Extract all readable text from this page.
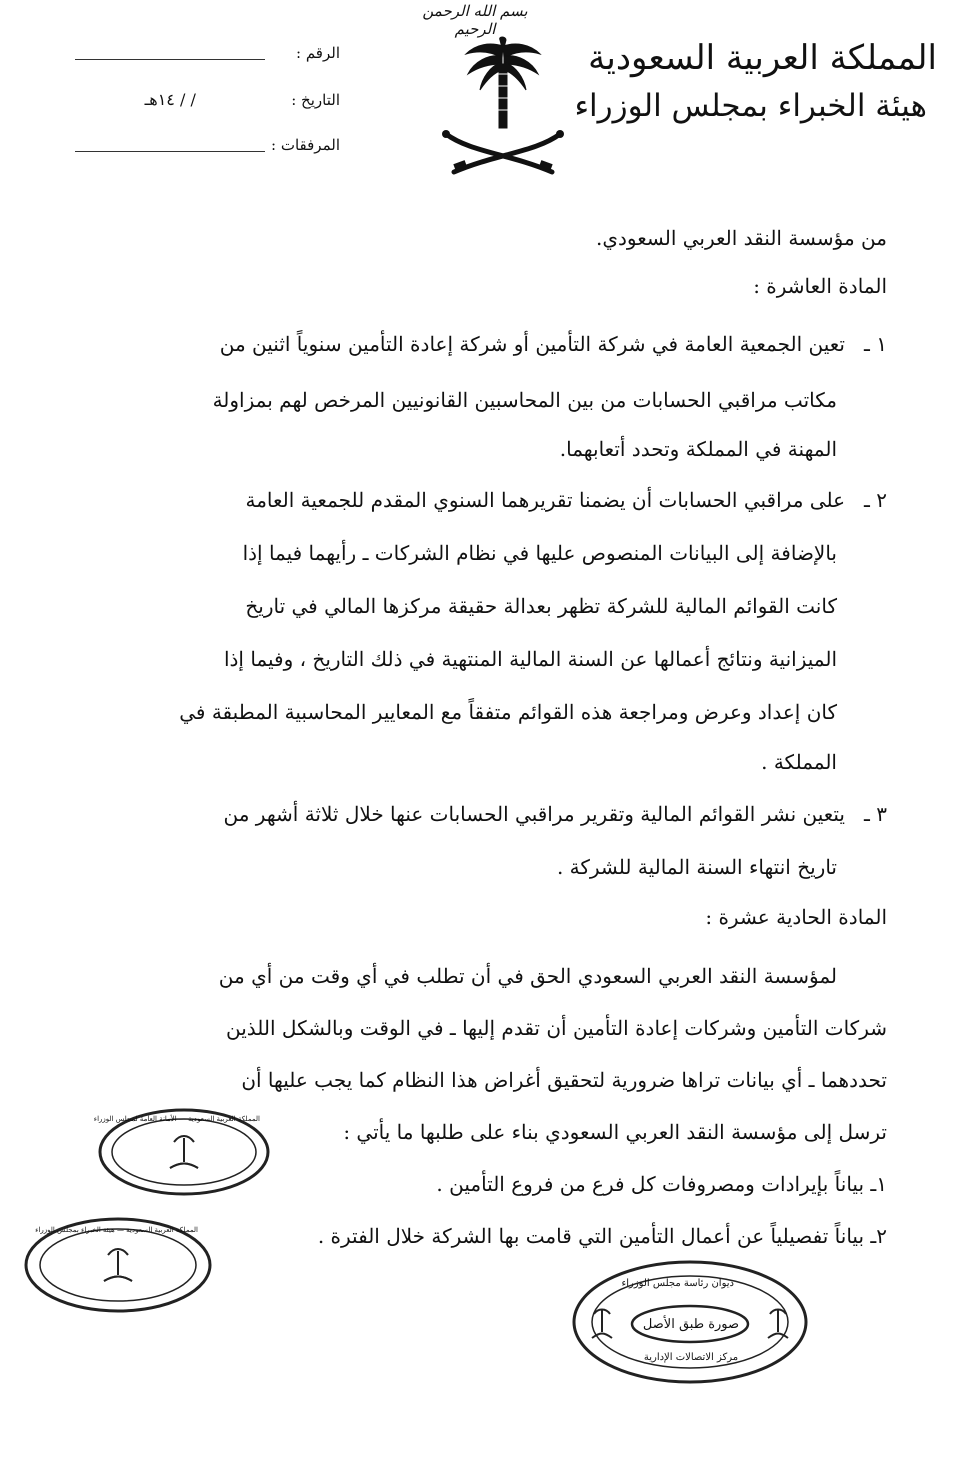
بسم الله الرحمن الرحيم
المملكة العربية السعودية
هيئة الخبراء بمجلس الوزراء
الرقم :
التاريخ : / / ١٤هـ
المرفقات :
من مؤسسة النقد العربي السعودي.
المادة العاشرة :
١ ـ
تعين الجمعية العامة في شركة التأمين أو شركة إعادة التأمين سنوياً اثنين من
مكاتب مراقبي الحسابات من بين المحاسبين القانونيين المرخص لهم بمزاولة
المهنة في المملكة وتحدد أتعابهما.
٢ ـ
على مراقبي الحسابات أن يضمنا تقريرهما السنوي المقدم للجمعية العامة
بالإضافة إلى البيانات المنصوص عليها في نظام الشركات ـ رأيهما فيما إذا
كانت القوائم المالية للشركة تظهر بعدالة حقيقة مركزها المالي في تاريخ
الميزانية ونتائج أعمالها عن السنة المالية المنتهية في ذلك التاريخ ، وفيما إذا
كان إعداد وعرض ومراجعة هذه القوائم متفقاً مع المعايير المحاسبية المطبقة في
المملكة .
٣ ـ
يتعين نشر القوائم المالية وتقرير مراقبي الحسابات عنها خلال ثلاثة أشهر من
تاريخ انتهاء السنة المالية للشركة .
المادة الحادية عشرة :
لمؤسسة النقد العربي السعودي الحق في أن تطلب في أي وقت من أي من
شركات التأمين وشركات إعادة التأمين أن تقدم إليها ـ في الوقت وبالشكل اللذين
تحددهما ـ أي بيانات تراها ضرورية لتحقيق أغراض هذا النظام كما يجب عليها أن
ترسل إلى مؤسسة النقد العربي السعودي بناء على طلبها ما يأتي :
١ـ بياناً بإيرادات ومصروفات كل فرع من فروع التأمين .
٢ـ بياناً تفصيلياً عن أعمال التأمين التي قامت بها الشركة خلال الفترة .
ديوان رئاسة مجلس الوزراء
صورة طبق الأصل
مركز الاتصالات الإدارية
المملكة العربية السعودية — الأمانة العامة لمجلس الوزراء
المملكة العربية السعودية — هيئة الخبراء بمجلس الوزراء
